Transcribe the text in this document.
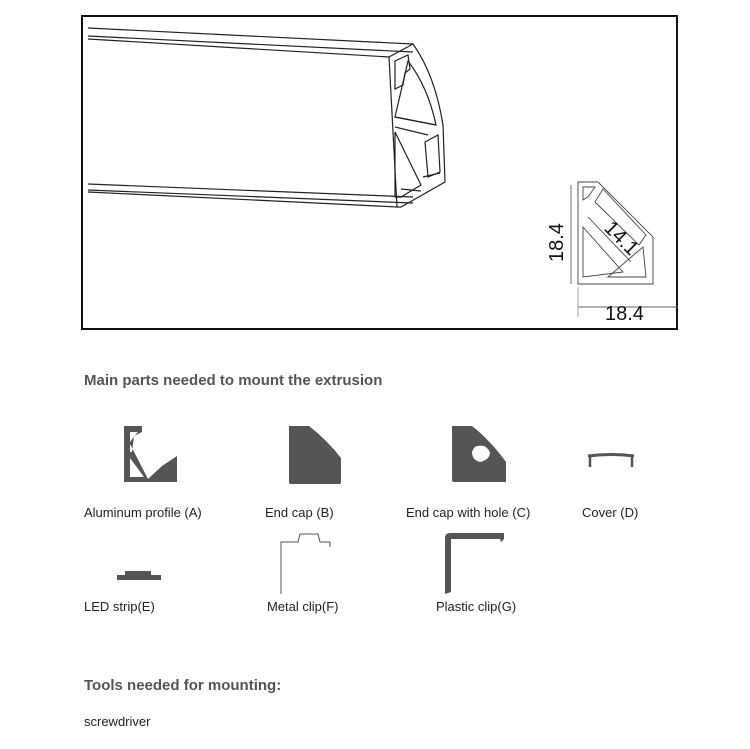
18.4 14.1
18.4
Main parts needed to mount the extrusion
Aluminum profile (A)	End cap (B)	End cap with hole (C)	Cover (D)
LED strip(E)	Metal clip(F)	Plastic clip(G)
Tools needed for mounting:
screwdriver
